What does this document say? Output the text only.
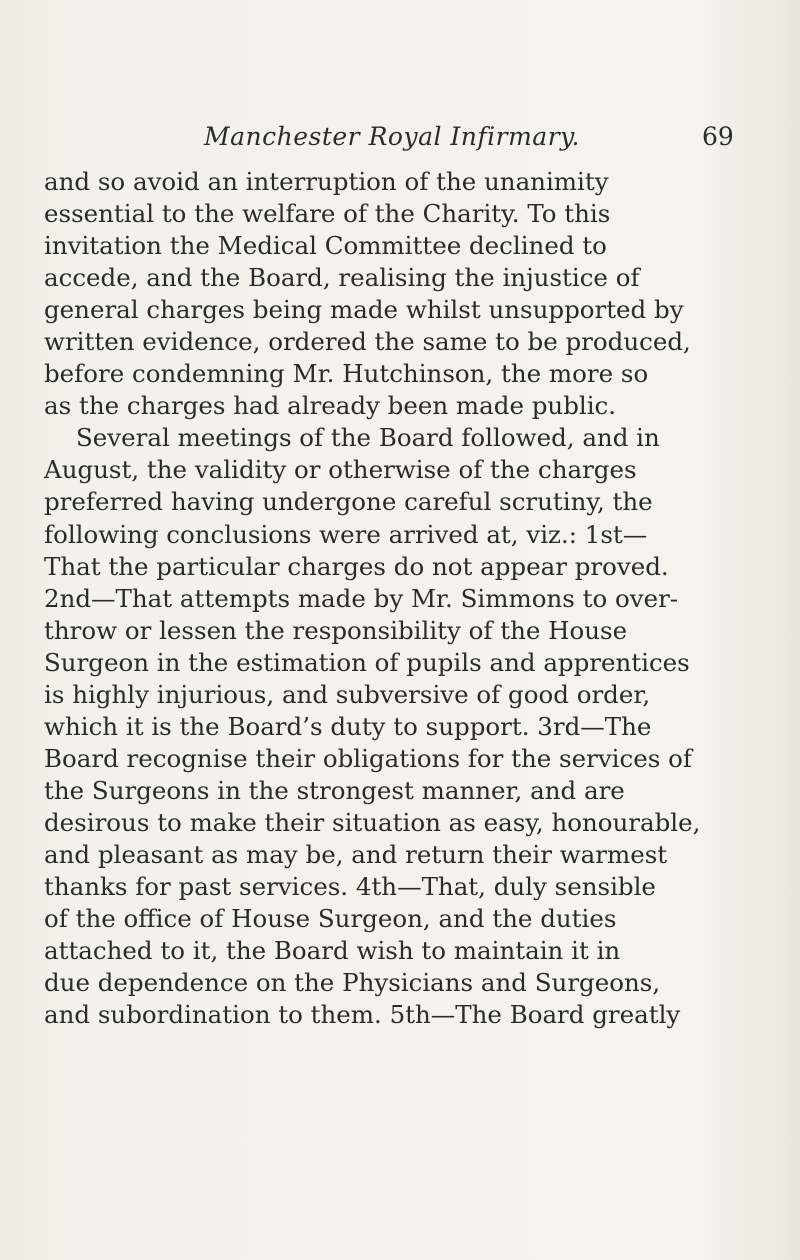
Manchester Royal Infirmary.	69
and so avoid an interruption of the unanimity
essential to the welfare of the Charity. To this
invitation the Medical Committee declined to
accede, and the Board, realising the injustice of
general charges being made whilst unsupported by
written evidence, ordered the same to be produced,
before condemning Mr. Hutchinson, the more so
as the charges had already been made public.
Several meetings of the Board followed, and in
August, the validity or otherwise of the charges
preferred having undergone careful scrutiny, the
following conclusions were arrived at, viz.: 1st—
That the particular charges do not appear proved.
2nd—That attempts made by Mr. Simmons to over-
throw or lessen the responsibility of the House
Surgeon in the estimation of pupils and apprentices
is highly injurious, and subversive of good order,
which it is the Board’s duty to support. 3rd—The
Board recognise their obligations for the services of
the Surgeons in the strongest manner, and are
desirous to make their situation as easy, honourable,
and pleasant as may be, and return their warmest
thanks for past services. 4th—That, duly sensible
of the office of House Surgeon, and the duties
attached to it, the Board wish to maintain it in
due dependence on the Physicians and Surgeons,
and subordination to them. 5th—The Board greatly
